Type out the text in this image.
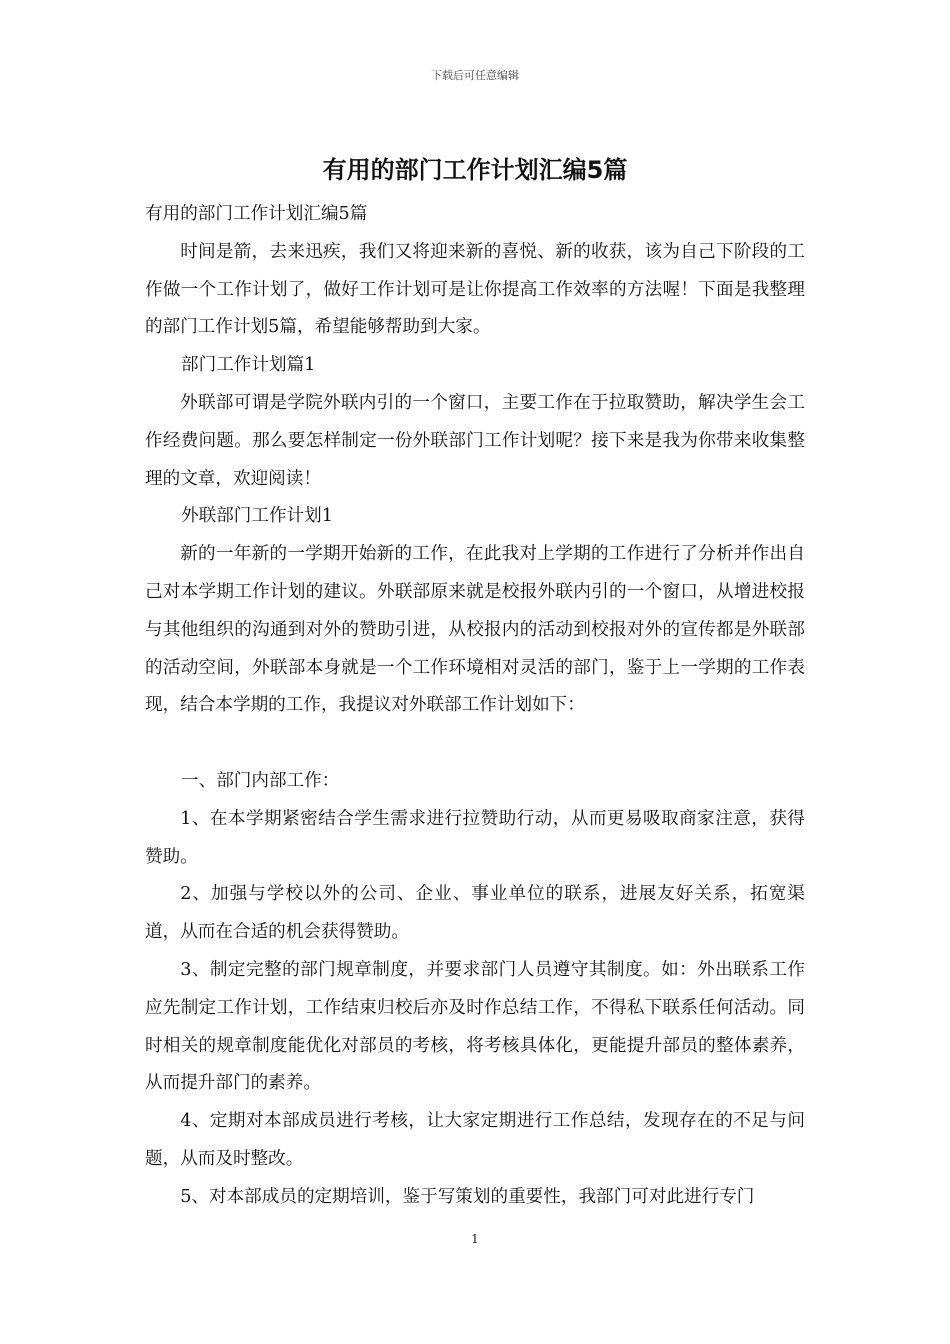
下载后可任意编辑
有用的部门工作计划汇编5篇

有用的部门工作计划汇编5篇

时间是箭，去来迅疾，我们又将迎来新的喜悦、新的收获，该为自己下阶段的工作做一个工作计划了，做好工作计划可是让你提高工作效率的方法喔！下面是我整理的部门工作计划5篇，希望能够帮助到大家。

部门工作计划篇1

外联部可谓是学院外联内引的一个窗口，主要工作在于拉取赞助，解决学生会工作经费问题。那么要怎样制定一份外联部门工作计划呢？接下来是我为你带来收集整理的文章，欢迎阅读！

外联部门工作计划1

新的一年新的一学期开始新的工作，在此我对上学期的工作进行了分析并作出自己对本学期工作计划的建议。外联部原来就是校报外联内引的一个窗口，从增进校报与其他组织的沟通到对外的赞助引进，从校报内的活动到校报对外的宣传都是外联部的活动空间，外联部本身就是一个工作环境相对灵活的部门，鉴于上一学期的工作表现，结合本学期的工作，我提议对外联部工作计划如下：

一、部门内部工作：

1、在本学期紧密结合学生需求进行拉赞助行动，从而更易吸取商家注意，获得赞助。

2、加强与学校以外的公司、企业、事业单位的联系，进展友好关系，拓宽渠道，从而在合适的机会获得赞助。

3、制定完整的部门规章制度，并要求部门人员遵守其制度。如：外出联系工作应先制定工作计划，工作结束归校后亦及时作总结工作，不得私下联系任何活动。同时相关的规章制度能优化对部员的考核，将考核具体化，更能提升部员的整体素养，从而提升部门的素养。

4、定期对本部成员进行考核，让大家定期进行工作总结，发现存在的不足与问题，从而及时整改。

5、对本部成员的定期培训，鉴于写策划的重要性，我部门可对此进行专门

1
